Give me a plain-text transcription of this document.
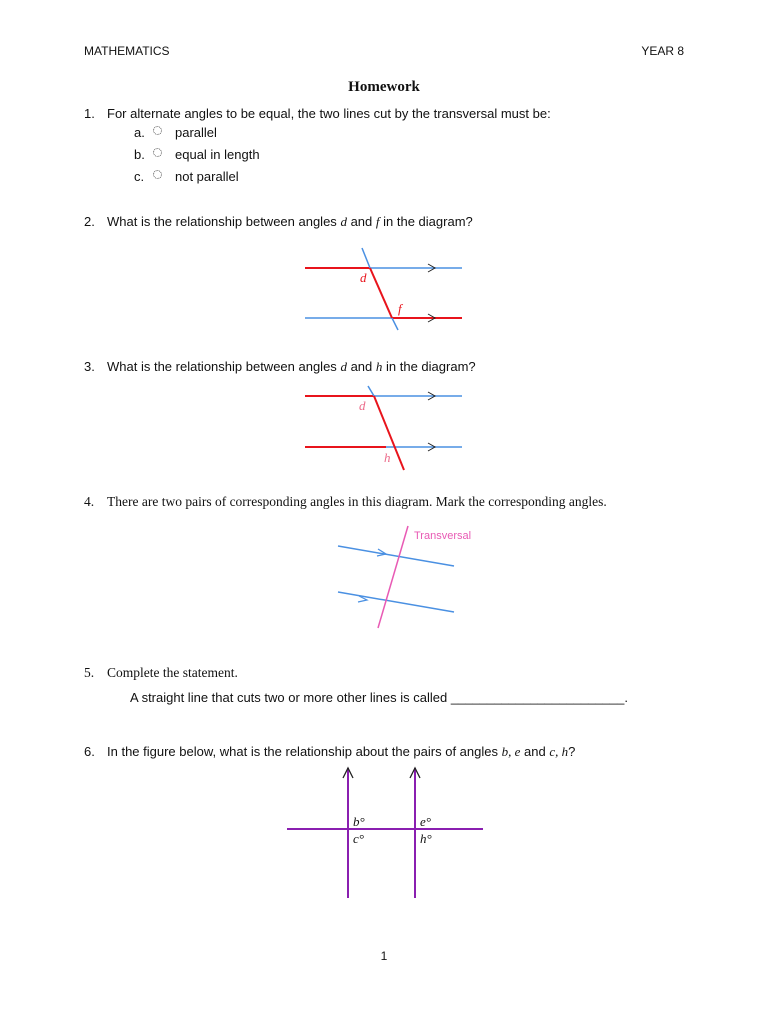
MATHEMATICS	YEAR 8
Homework
1. For alternate angles to be equal, the two lines cut by the transversal must be:
a. parallel
b. equal in length
c. not parallel
2. What is the relationship between angles d and f in the diagram?
d
f
3. What is the relationship between angles d and h in the diagram?
d
h
4. There are two pairs of corresponding angles in this diagram. Mark the corresponding angles.
Transversal
5. Complete the statement.
A straight line that cuts two or more other lines is called ________________________.
6. In the figure below, what is the relationship about the pairs of angles b, e and c, h?
b°
c°
e°
h°
1
